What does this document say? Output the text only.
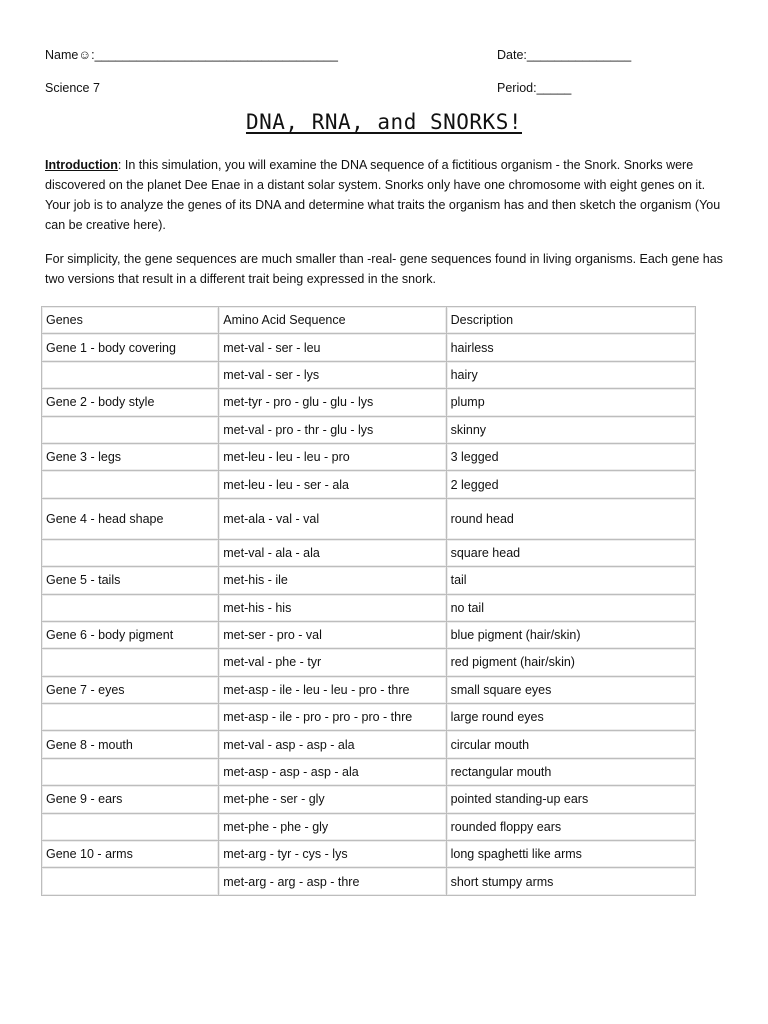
Name☺:___________________________________	Date:_______________
Science 7	Period:_____
DNA, RNA, and SNORKS!
Introduction: In this simulation, you will examine the DNA sequence of a fictitious organism - the Snork. Snorks were discovered on the planet Dee Enae in a distant solar system. Snorks only have one chromosome with eight genes on it. Your job is to analyze the genes of its DNA and determine what traits the organism has and then sketch the organism (You can be creative here).
For simplicity, the gene sequences are much smaller than -real- gene sequences found in living organisms. Each gene has two versions that result in a different trait being expressed in the snork.
Genes	Amino Acid Sequence	Description
Gene 1 - body covering	met-val - ser - leu	hairless
	met-val - ser - lys	hairy
Gene 2 - body style	met-tyr - pro - glu - glu - lys	plump
	met-val - pro - thr - glu - lys	skinny
Gene 3 - legs	met-leu - leu - leu - pro	3 legged
	met-leu - leu - ser - ala	2 legged
Gene 4 - head shape	met-ala - val - val	round head
	met-val - ala - ala	square head
Gene 5 - tails	met-his - ile	tail
	met-his - his	no tail
Gene 6 - body pigment	met-ser - pro - val	blue pigment (hair/skin)
	met-val - phe - tyr	red pigment (hair/skin)
Gene 7 - eyes	met-asp - ile - leu - leu - pro - thre	small square eyes
	met-asp - ile - pro - pro - pro - thre	large round eyes
Gene 8 - mouth	met-val - asp - asp - ala	circular mouth
	met-asp - asp - asp - ala	rectangular mouth
Gene 9 - ears	met-phe - ser - gly	pointed standing-up ears
	met-phe - phe - gly	rounded floppy ears
Gene 10 - arms	met-arg - tyr - cys - lys	long spaghetti like arms
	met-arg - arg - asp - thre	short stumpy arms
